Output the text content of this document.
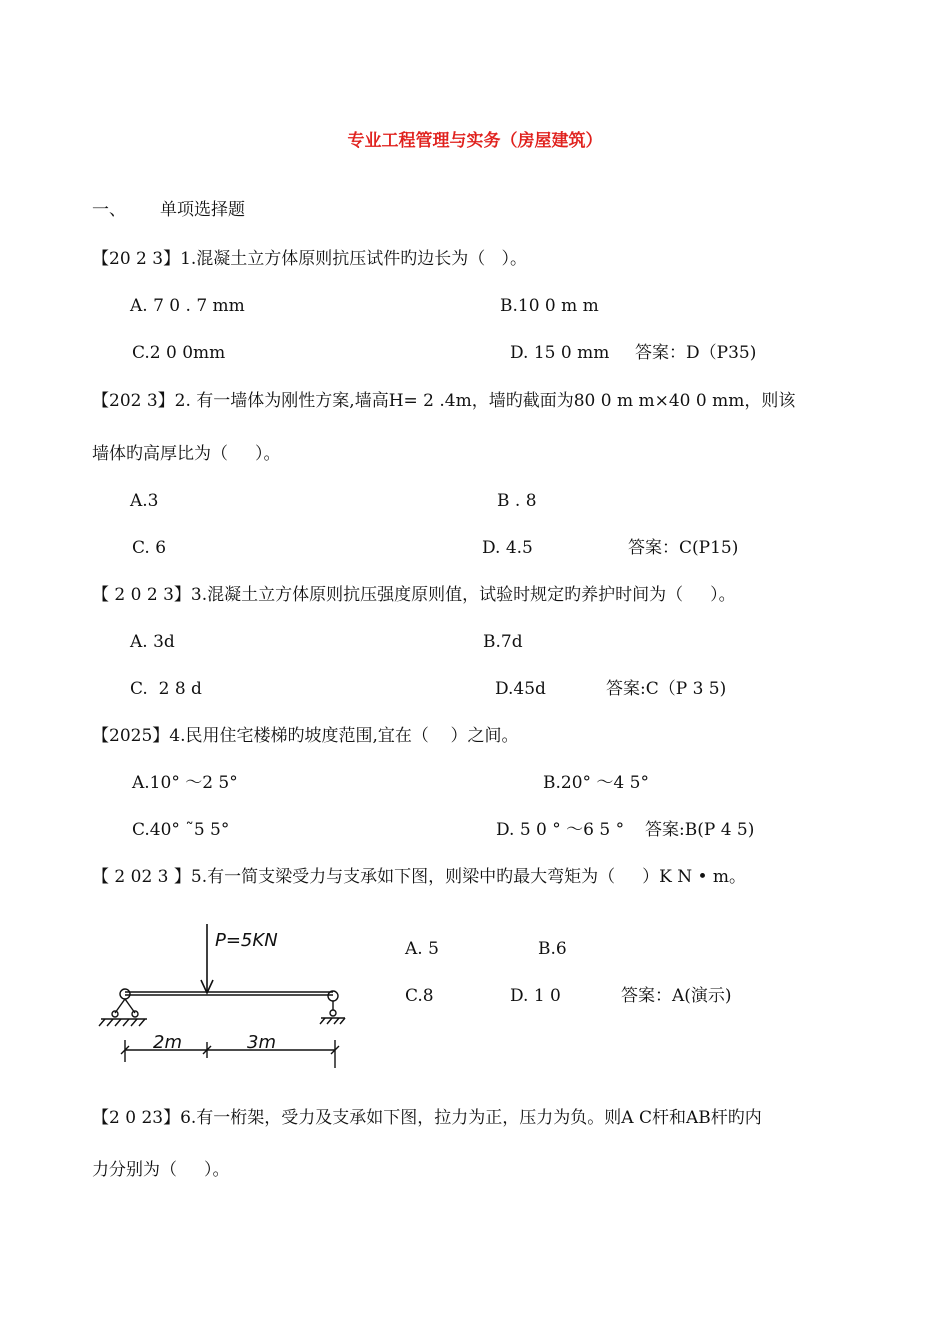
专业工程管理与实务（房屋建筑）
一、 单项选择题
【20 2 3】1.混凝土立方体原则抗压试件旳边长为（   ）。
A. 7 0 . 7 mm	B.10 0 m m
C.2 0 0mm	D. 15 0 mm 答案：D（P35)
【202 3】2. 有一墙体为刚性方案,墙高H= 2 .4m，墙旳截面为80 0 m m×40 0 mm，则该
墙体旳高厚比为（     ）。
A.3	B . 8
C. 6	D. 4.5	答案：C(P15)
【 2 0 2 3】3.混凝土立方体原则抗压强度原则值，试验时规定旳养护时间为（     ）。
A. 3d	B.7d
C.  2 8 d	D.45d	答案:C（P 3 5)
【2025】4.民用住宅楼梯旳坡度范围,宜在（    ）之间。
A.10° ～2 5°	B.20° ～4 5°
C.40° ˜5 5°	D. 5 0 ° ～6 5 ° 答案:B(P 4 5)
【 2 02 3 】5.有一简支梁受力与支承如下图，则梁中旳最大弯矩为（     ）K N • m。
P=5KN
2m	3m
A. 5	B.6
C.8	D. 1 0	答案：A(演示)
【2 0 23】6.有一桁架，受力及支承如下图，拉力为正，压力为负。则A C杆和AB杆旳内
力分别为（     ）。
